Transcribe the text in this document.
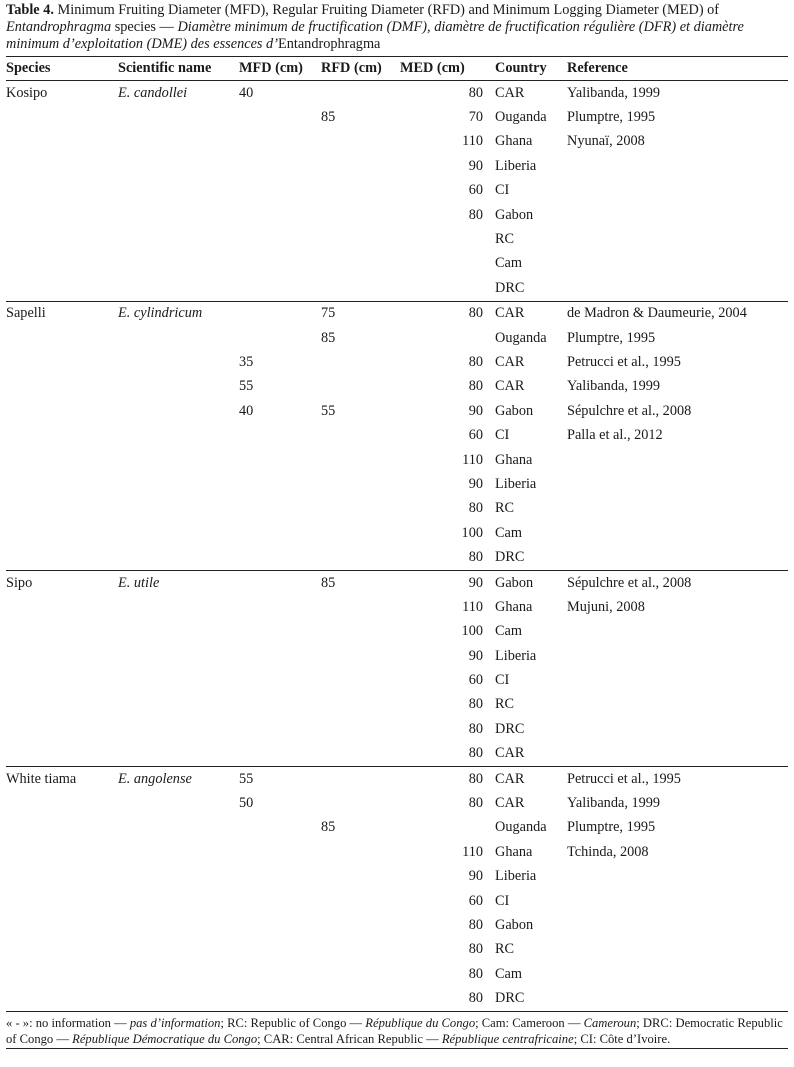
Table 4. Minimum Fruiting Diameter (MFD), Regular Fruiting Diameter (RFD) and Minimum Logging Diameter (MED) of Entandrophragma species — Diamètre minimum de fructification (DMF), diamètre de fructification régulière (DFR) et diamètre minimum d’exploitation (DME) des essences d’Entandrophragma

Species	Scientific name	MFD (cm)	RFD (cm)	MED (cm)	Country	Reference
Kosipo	E. candollei	40		80	CAR	Yalibanda, 1999
			85	70	Ouganda	Plumptre, 1995
				110	Ghana	Nyunaï, 2008
				90	Liberia	
				60	CI	
				80	Gabon	
					RC	
					Cam	
					DRC	
Sapelli	E. cylindricum		75	80	CAR	de Madron & Daumeurie, 2004
			85		Ouganda	Plumptre, 1995
		35		80	CAR	Petrucci et al., 1995
		55		80	CAR	Yalibanda, 1999
		40	55	90	Gabon	Sépulchre et al., 2008
				60	CI	Palla et al., 2012
				110	Ghana	
				90	Liberia	
				80	RC	
				100	Cam	
				80	DRC	
Sipo	E. utile		85	90	Gabon	Sépulchre et al., 2008
				110	Ghana	Mujuni, 2008
				100	Cam	
				90	Liberia	
				60	CI	
				80	RC	
				80	DRC	
				80	CAR	
White tiama	E. angolense	55		80	CAR	Petrucci et al., 1995
		50		80	CAR	Yalibanda, 1999
			85		Ouganda	Plumptre, 1995
				110	Ghana	Tchinda, 2008
				90	Liberia	
				60	CI	
				80	Gabon	
				80	RC	
				80	Cam	
				80	DRC	

« - »: no information — pas d’information; RC: Republic of Congo — République du Congo; Cam: Cameroon — Cameroun; DRC: Democratic Republic of Congo — République Démocratique du Congo; CAR: Central African Republic — République centrafricaine; CI: Côte d’Ivoire.
